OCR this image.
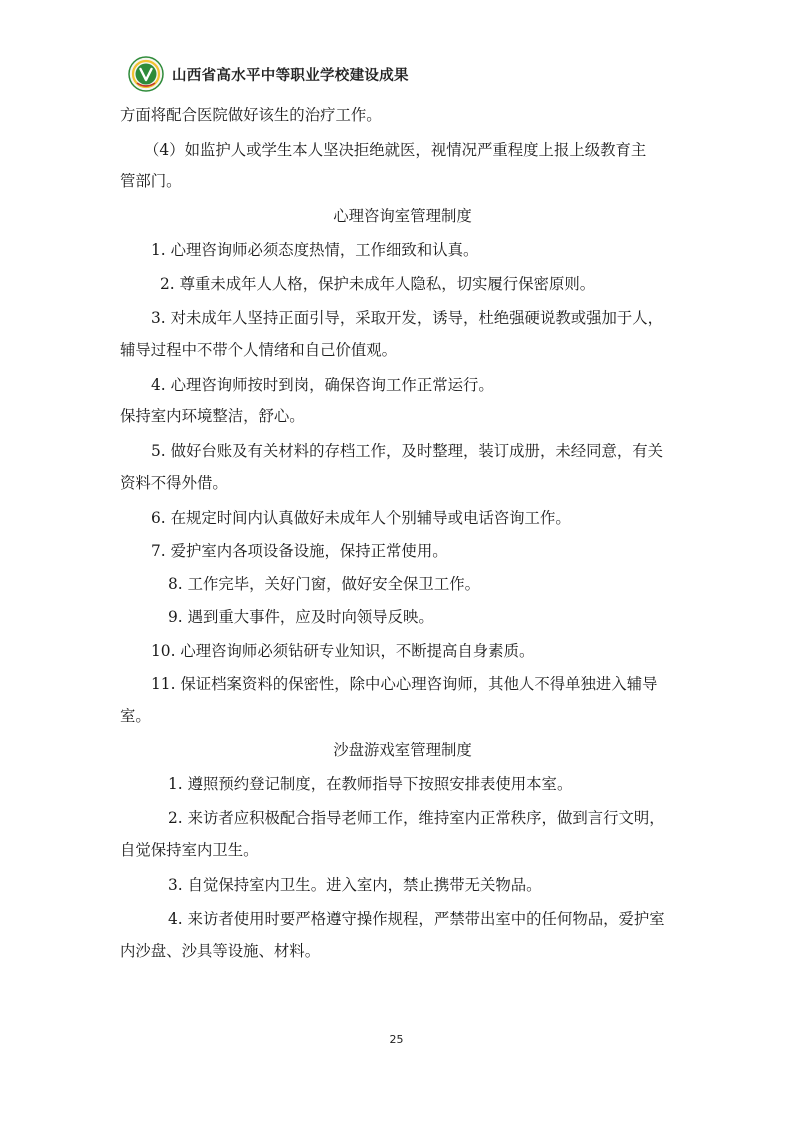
山西省高水平中等职业学校建设成果
方面将配合医院做好该生的治疗工作。
（4）如监护人或学生本人坚决拒绝就医，视情况严重程度上报上级教育主
管部门。
心理咨询室管理制度
1. 心理咨询师必须态度热情，工作细致和认真。
2. 尊重未成年人人格，保护未成年人隐私，切实履行保密原则。
3. 对未成年人坚持正面引导，采取开发，诱导，杜绝强硬说教或强加于人，
辅导过程中不带个人情绪和自己价值观。
4. 心理咨询师按时到岗，确保咨询工作正常运行。
保持室内环境整洁，舒心。
5. 做好台账及有关材料的存档工作，及时整理，装订成册，未经同意，有关
资料不得外借。
6. 在规定时间内认真做好未成年人个别辅导或电话咨询工作。
7. 爱护室内各项设备设施，保持正常使用。
8. 工作完毕，关好门窗，做好安全保卫工作。
9. 遇到重大事件，应及时向领导反映。
10. 心理咨询师必须钻研专业知识，不断提高自身素质。
11. 保证档案资料的保密性，除中心心理咨询师，其他人不得单独进入辅导
室。
沙盘游戏室管理制度
1. 遵照预约登记制度，在教师指导下按照安排表使用本室。
2. 来访者应积极配合指导老师工作，维持室内正常秩序，做到言行文明，
自觉保持室内卫生。
3. 自觉保持室内卫生。进入室内，禁止携带无关物品。
4. 来访者使用时要严格遵守操作规程，严禁带出室中的任何物品，爱护室
内沙盘、沙具等设施、材料。
25
